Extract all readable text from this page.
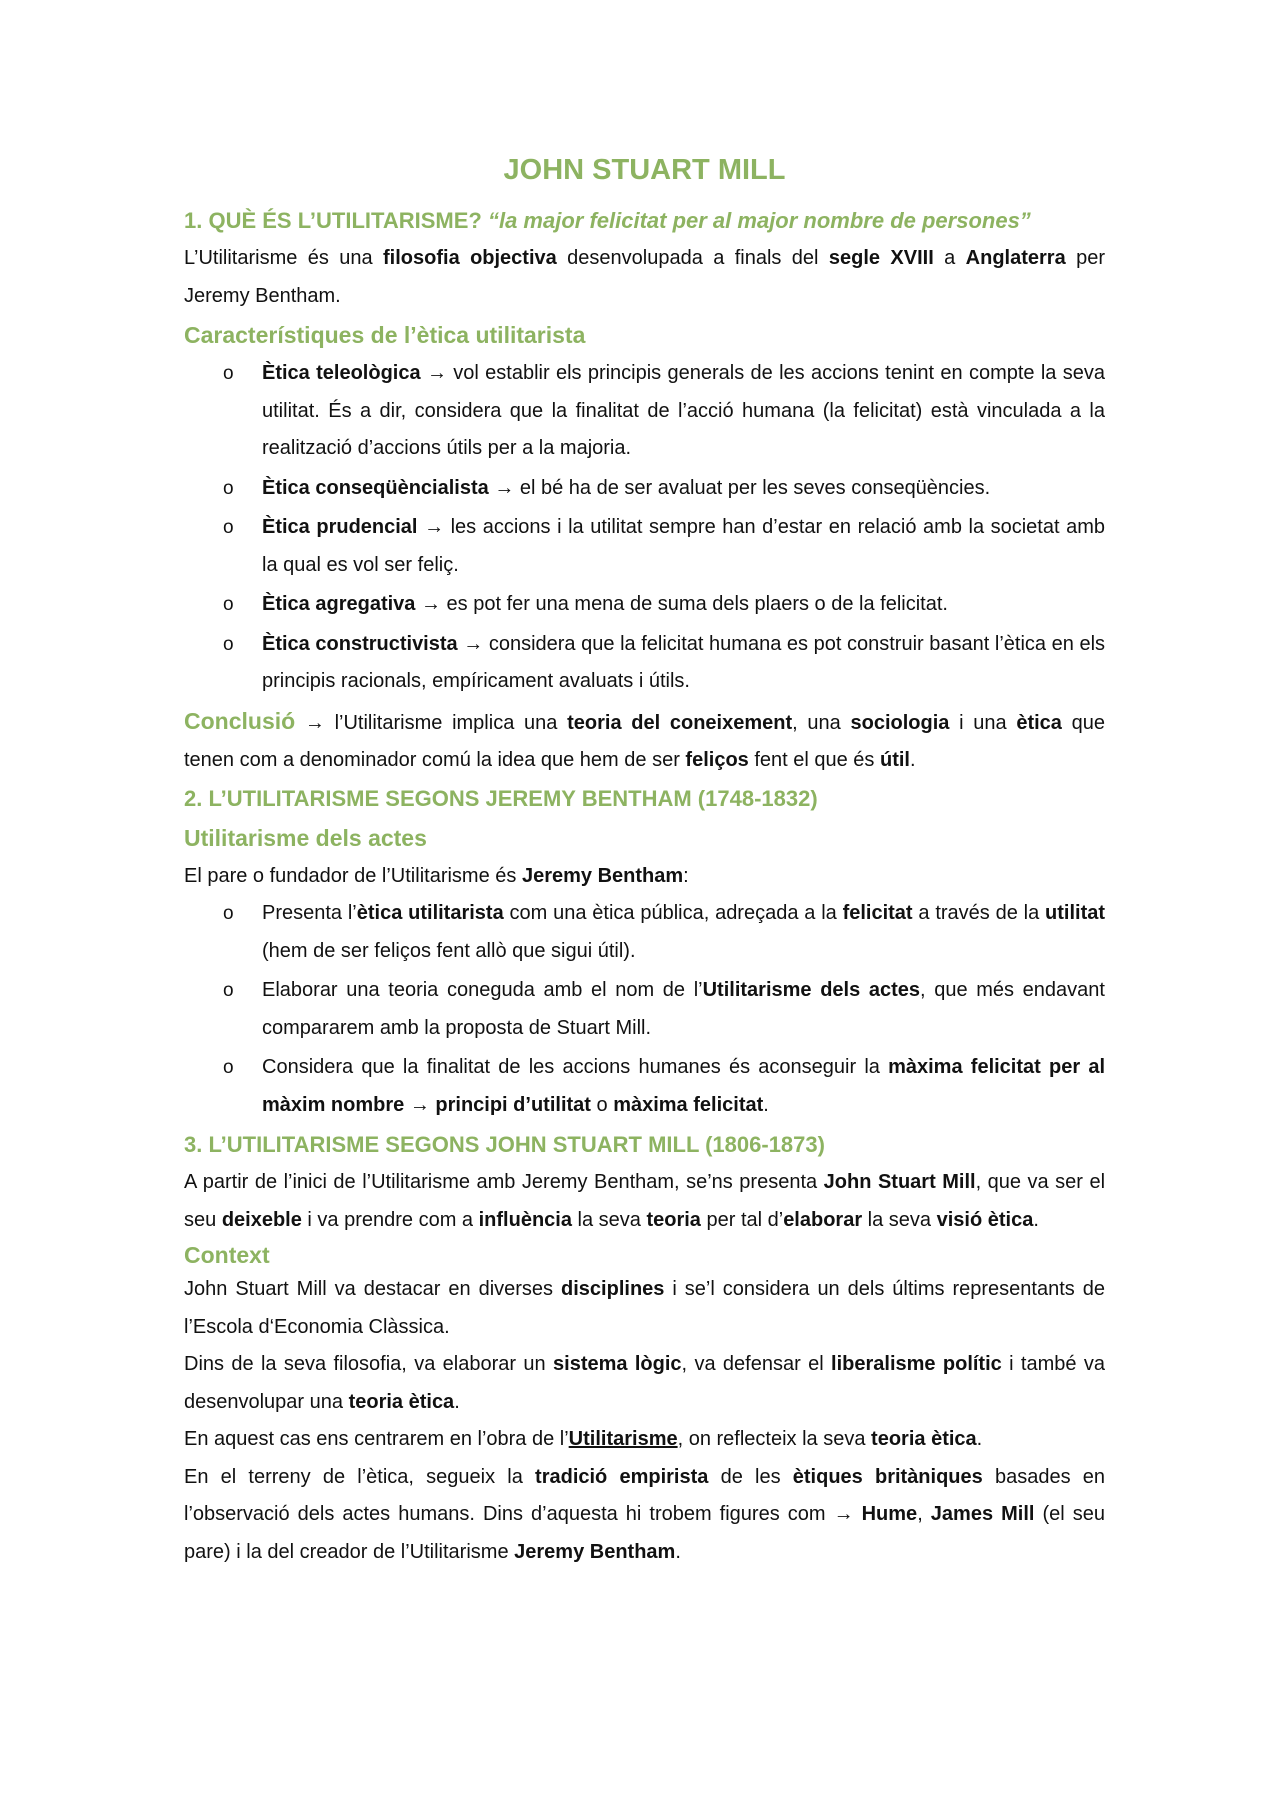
JOHN STUART MILL
1. QUÈ ÉS L’UTILITARISME? “la major felicitat per al major nombre de persones”

L’Utilitarisme és una filosofia objectiva desenvolupada a finals del segle XVIII a Anglaterra per Jeremy Bentham.

Característiques de l’ètica utilitarista
o Ètica teleològica → vol establir els principis generals de les accions tenint en compte la seva utilitat. És a dir, considera que la finalitat de l’acció humana (la felicitat) està vinculada a la realització d’accions útils per a la majoria.
o Ètica conseqüèncialista → el bé ha de ser avaluat per les seves conseqüències.
o Ètica prudencial → les accions i la utilitat sempre han d’estar en relació amb la societat amb la qual es vol ser feliç.
o Ètica agregativa → es pot fer una mena de suma dels plaers o de la felicitat.
o Ètica constructivista → considera que la felicitat humana es pot construir basant l’ètica en els principis racionals, empíricament avaluats i útils.

Conclusió → l’Utilitarisme implica una teoria del coneixement, una sociologia i una ètica que tenen com a denominador comú la idea que hem de ser feliços fent el que és útil.

2. L’UTILITARISME SEGONS JEREMY BENTHAM (1748-1832)
Utilitarisme dels actes

El pare o fundador de l’Utilitarisme és Jeremy Bentham:

o Presenta l’ètica utilitarista com una ètica pública, adreçada a la felicitat a través de la utilitat (hem de ser feliços fent allò que sigui útil).
o Elaborar una teoria coneguda amb el nom de l’Utilitarisme dels actes, que més endavant compararem amb la proposta de Stuart Mill.
o Considera que la finalitat de les accions humanes és aconseguir la màxima felicitat per al màxim nombre → principi d’utilitat o màxima felicitat.
3. L’UTILITARISME SEGONS JOHN STUART MILL (1806-1873)

A partir de l’inici de l’Utilitarisme amb Jeremy Bentham, se’ns presenta John Stuart Mill, que va ser el seu deixeble i va prendre com a influència la seva teoria per tal d’elaborar la seva visió ètica.

Context

John Stuart Mill va destacar en diverses disciplines i se’l considera un dels últims representants de l’Escola d‘Economia Clàssica.

Dins de la seva filosofia, va elaborar un sistema lògic, va defensar el liberalisme polític i també va desenvolupar una teoria ètica.

En aquest cas ens centrarem en l’obra de l’Utilitarisme, on reflecteix la seva teoria ètica.

En el terreny de l’ètica, segueix la tradició empirista de les ètiques britàniques basades en l’observació dels actes humans. Dins d’aquesta hi trobem figures com → Hume, James Mill (el seu pare) i la del creador de l’Utilitarisme Jeremy Bentham.
